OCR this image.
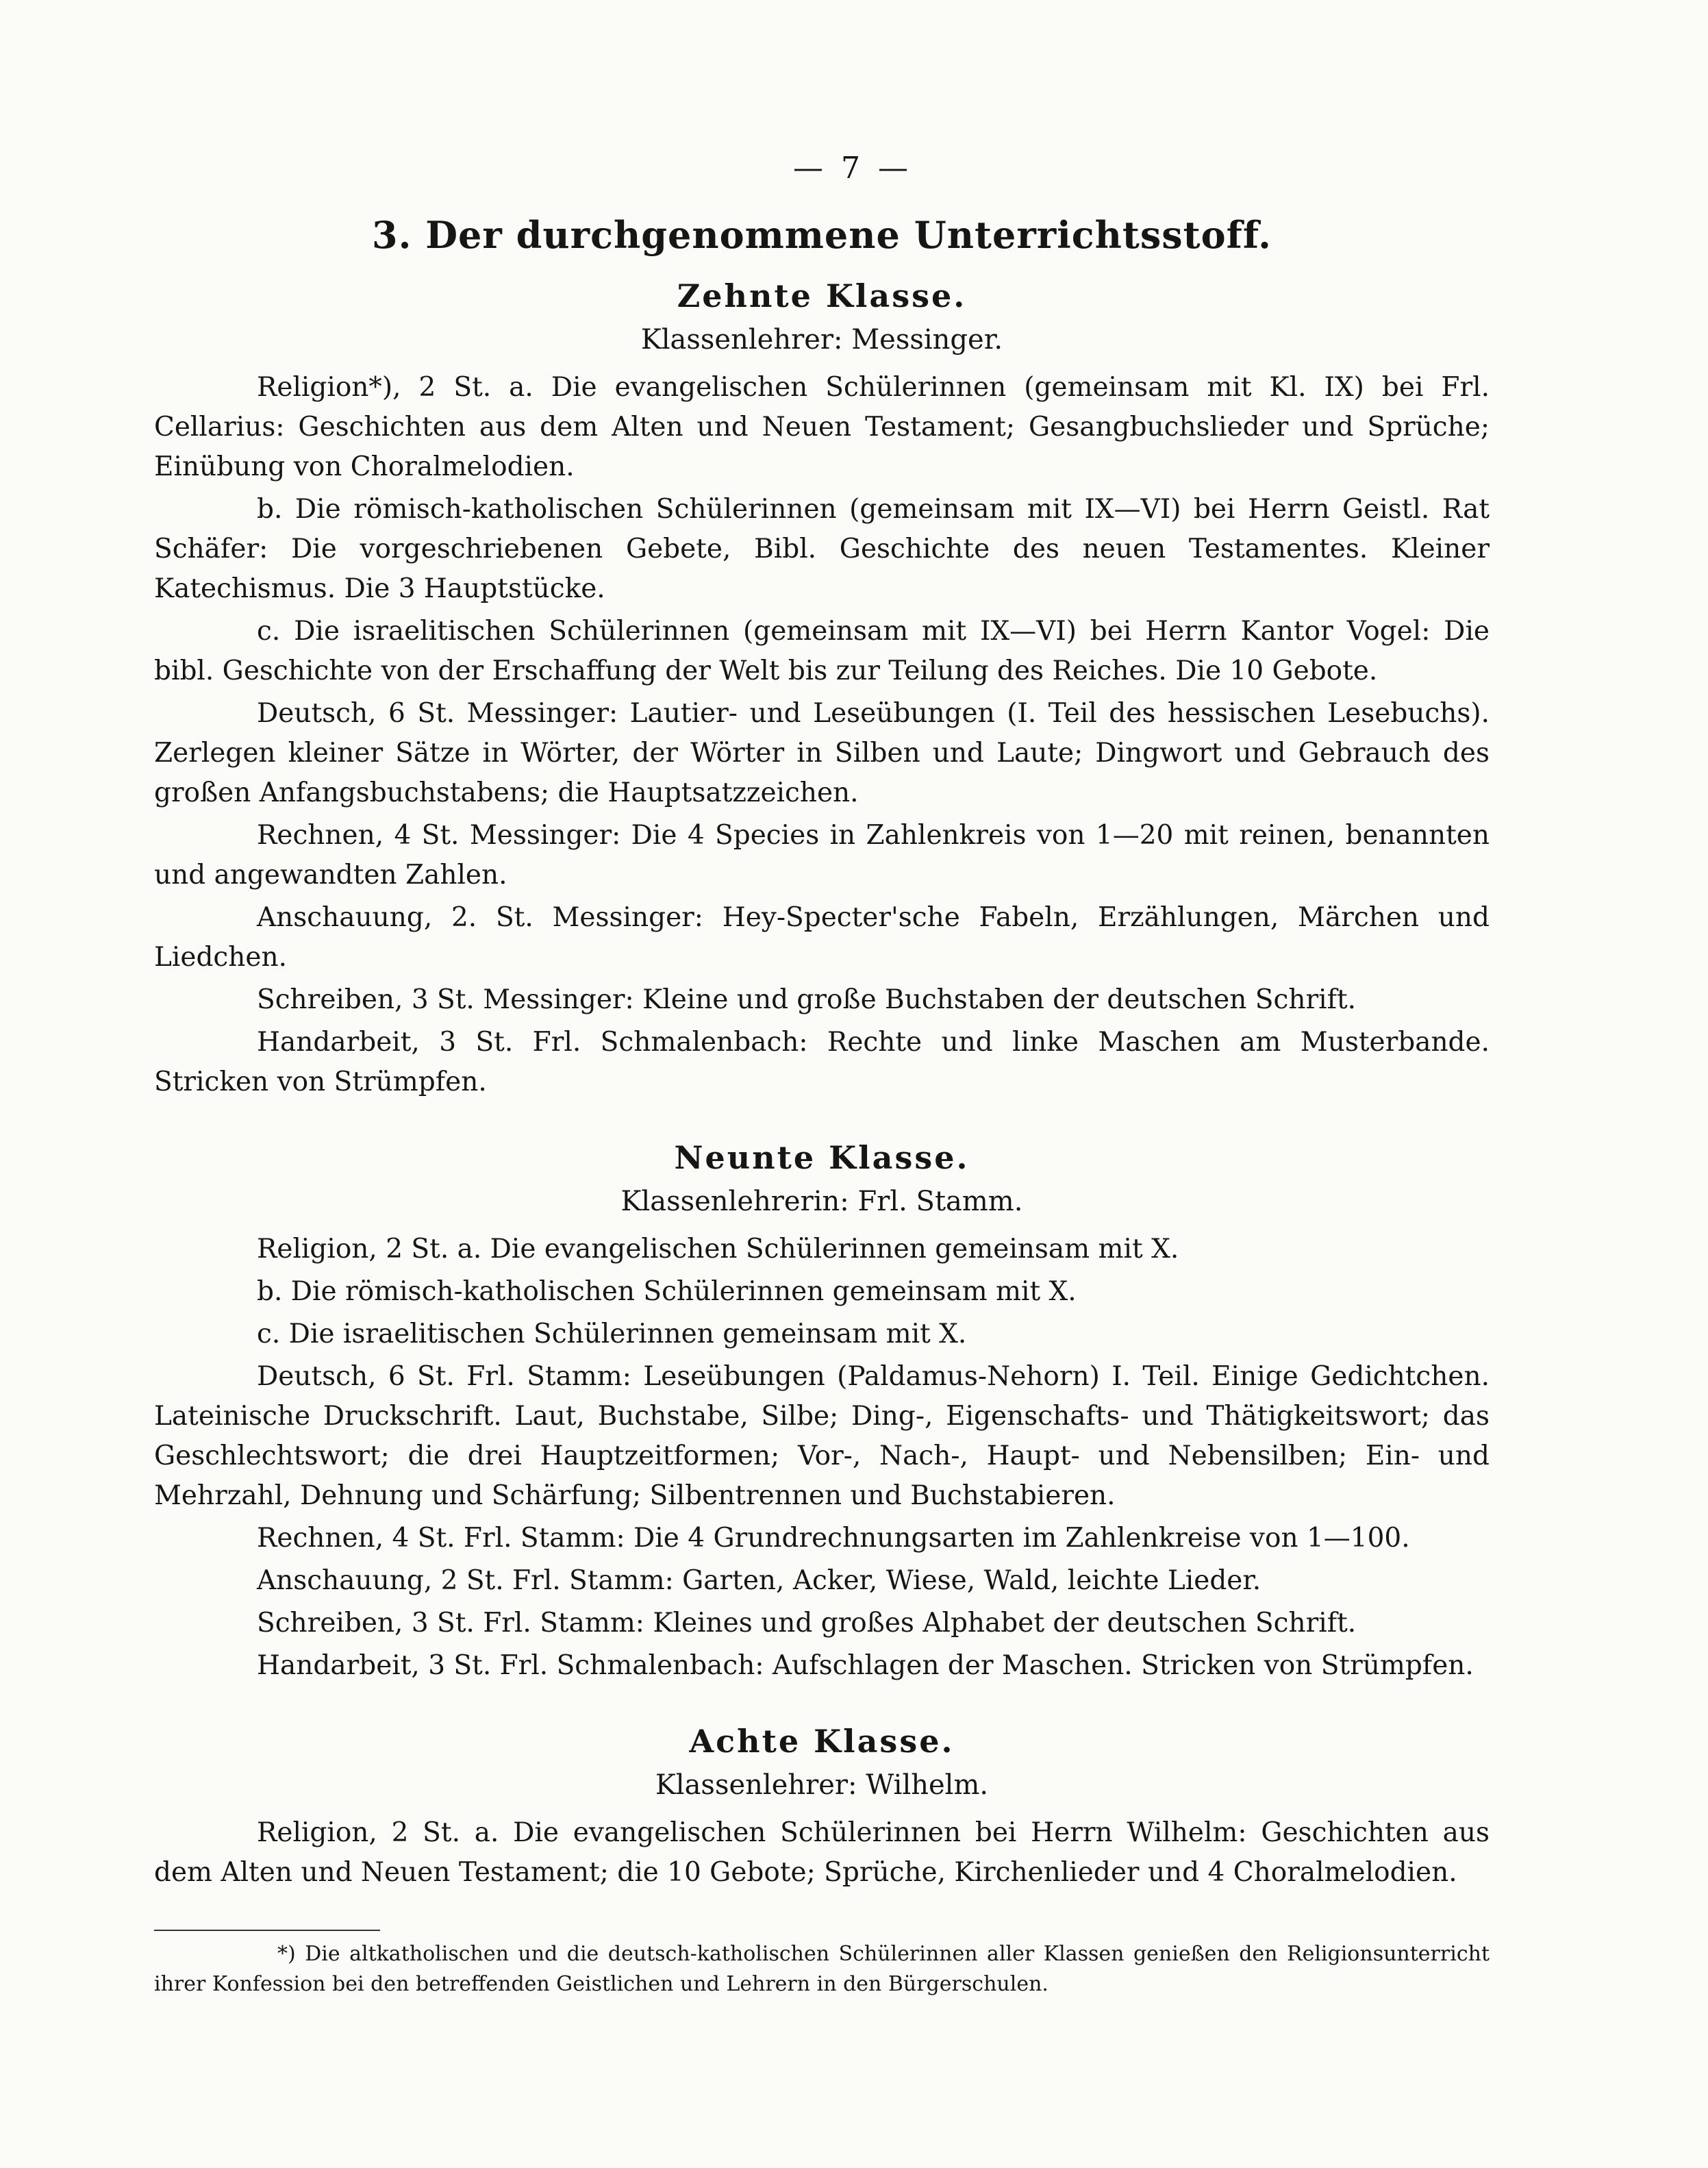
— 7 —
3. Der durchgenommene Unterrichtsstoff.
Zehnte Klasse.
Klassenlehrer: Messinger.

Religion*), 2 St. a. Die evangelischen Schülerinnen (gemeinsam mit Kl. IX) bei Frl. Cellarius: Geschichten aus dem Alten und Neuen Testament; Gesangbuchslieder und Sprüche; Einübung von Choralmelodien.

b. Die römisch-katholischen Schülerinnen (gemeinsam mit IX—VI) bei Herrn Geistl. Rat Schäfer: Die vorgeschriebenen Gebete, Bibl. Geschichte des neuen Testamentes. Kleiner Katechismus. Die 3 Hauptstücke.

c. Die israelitischen Schülerinnen (gemeinsam mit IX—VI) bei Herrn Kantor Vogel: Die bibl. Geschichte von der Erschaffung der Welt bis zur Teilung des Reiches. Die 10 Gebote.

Deutsch, 6 St. Messinger: Lautier- und Leseübungen (I. Teil des hessischen Lesebuchs). Zerlegen kleiner Sätze in Wörter, der Wörter in Silben und Laute; Dingwort und Gebrauch des großen Anfangsbuchstabens; die Hauptsatzzeichen.

Rechnen, 4 St. Messinger: Die 4 Species in Zahlenkreis von 1—20 mit reinen, benannten und angewandten Zahlen.

Anschauung, 2. St. Messinger: Hey-Specter'sche Fabeln, Erzählungen, Märchen und Liedchen.

Schreiben, 3 St. Messinger: Kleine und große Buchstaben der deutschen Schrift.

Handarbeit, 3 St. Frl. Schmalenbach: Rechte und linke Maschen am Musterbande. Stricken von Strümpfen.

Neunte Klasse.
Klassenlehrerin: Frl. Stamm.

Religion, 2 St. a. Die evangelischen Schülerinnen gemeinsam mit X.

b. Die römisch-katholischen Schülerinnen gemeinsam mit X.

c. Die israelitischen Schülerinnen gemeinsam mit X.

Deutsch, 6 St. Frl. Stamm: Leseübungen (Paldamus-Nehorn) I. Teil. Einige Gedichtchen. Lateinische Druckschrift. Laut, Buchstabe, Silbe; Ding-, Eigenschafts- und Thätigkeitswort; das Geschlechtswort; die drei Hauptzeitformen; Vor-, Nach-, Haupt- und Nebensilben; Ein- und Mehrzahl, Dehnung und Schärfung; Silbentrennen und Buchstabieren.

Rechnen, 4 St. Frl. Stamm: Die 4 Grundrechnungsarten im Zahlenkreise von 1—100.

Anschauung, 2 St. Frl. Stamm: Garten, Acker, Wiese, Wald, leichte Lieder.

Schreiben, 3 St. Frl. Stamm: Kleines und großes Alphabet der deutschen Schrift.

Handarbeit, 3 St. Frl. Schmalenbach: Aufschlagen der Maschen. Stricken von Strümpfen.

Achte Klasse.
Klassenlehrer: Wilhelm.

Religion, 2 St. a. Die evangelischen Schülerinnen bei Herrn Wilhelm: Geschichten aus dem Alten und Neuen Testament; die 10 Gebote; Sprüche, Kirchenlieder und 4 Choralmelodien.

*) Die altkatholischen und die deutsch-katholischen Schülerinnen aller Klassen genießen den Religionsunterricht ihrer Konfession bei den betreffenden Geistlichen und Lehrern in den Bürgerschulen.
